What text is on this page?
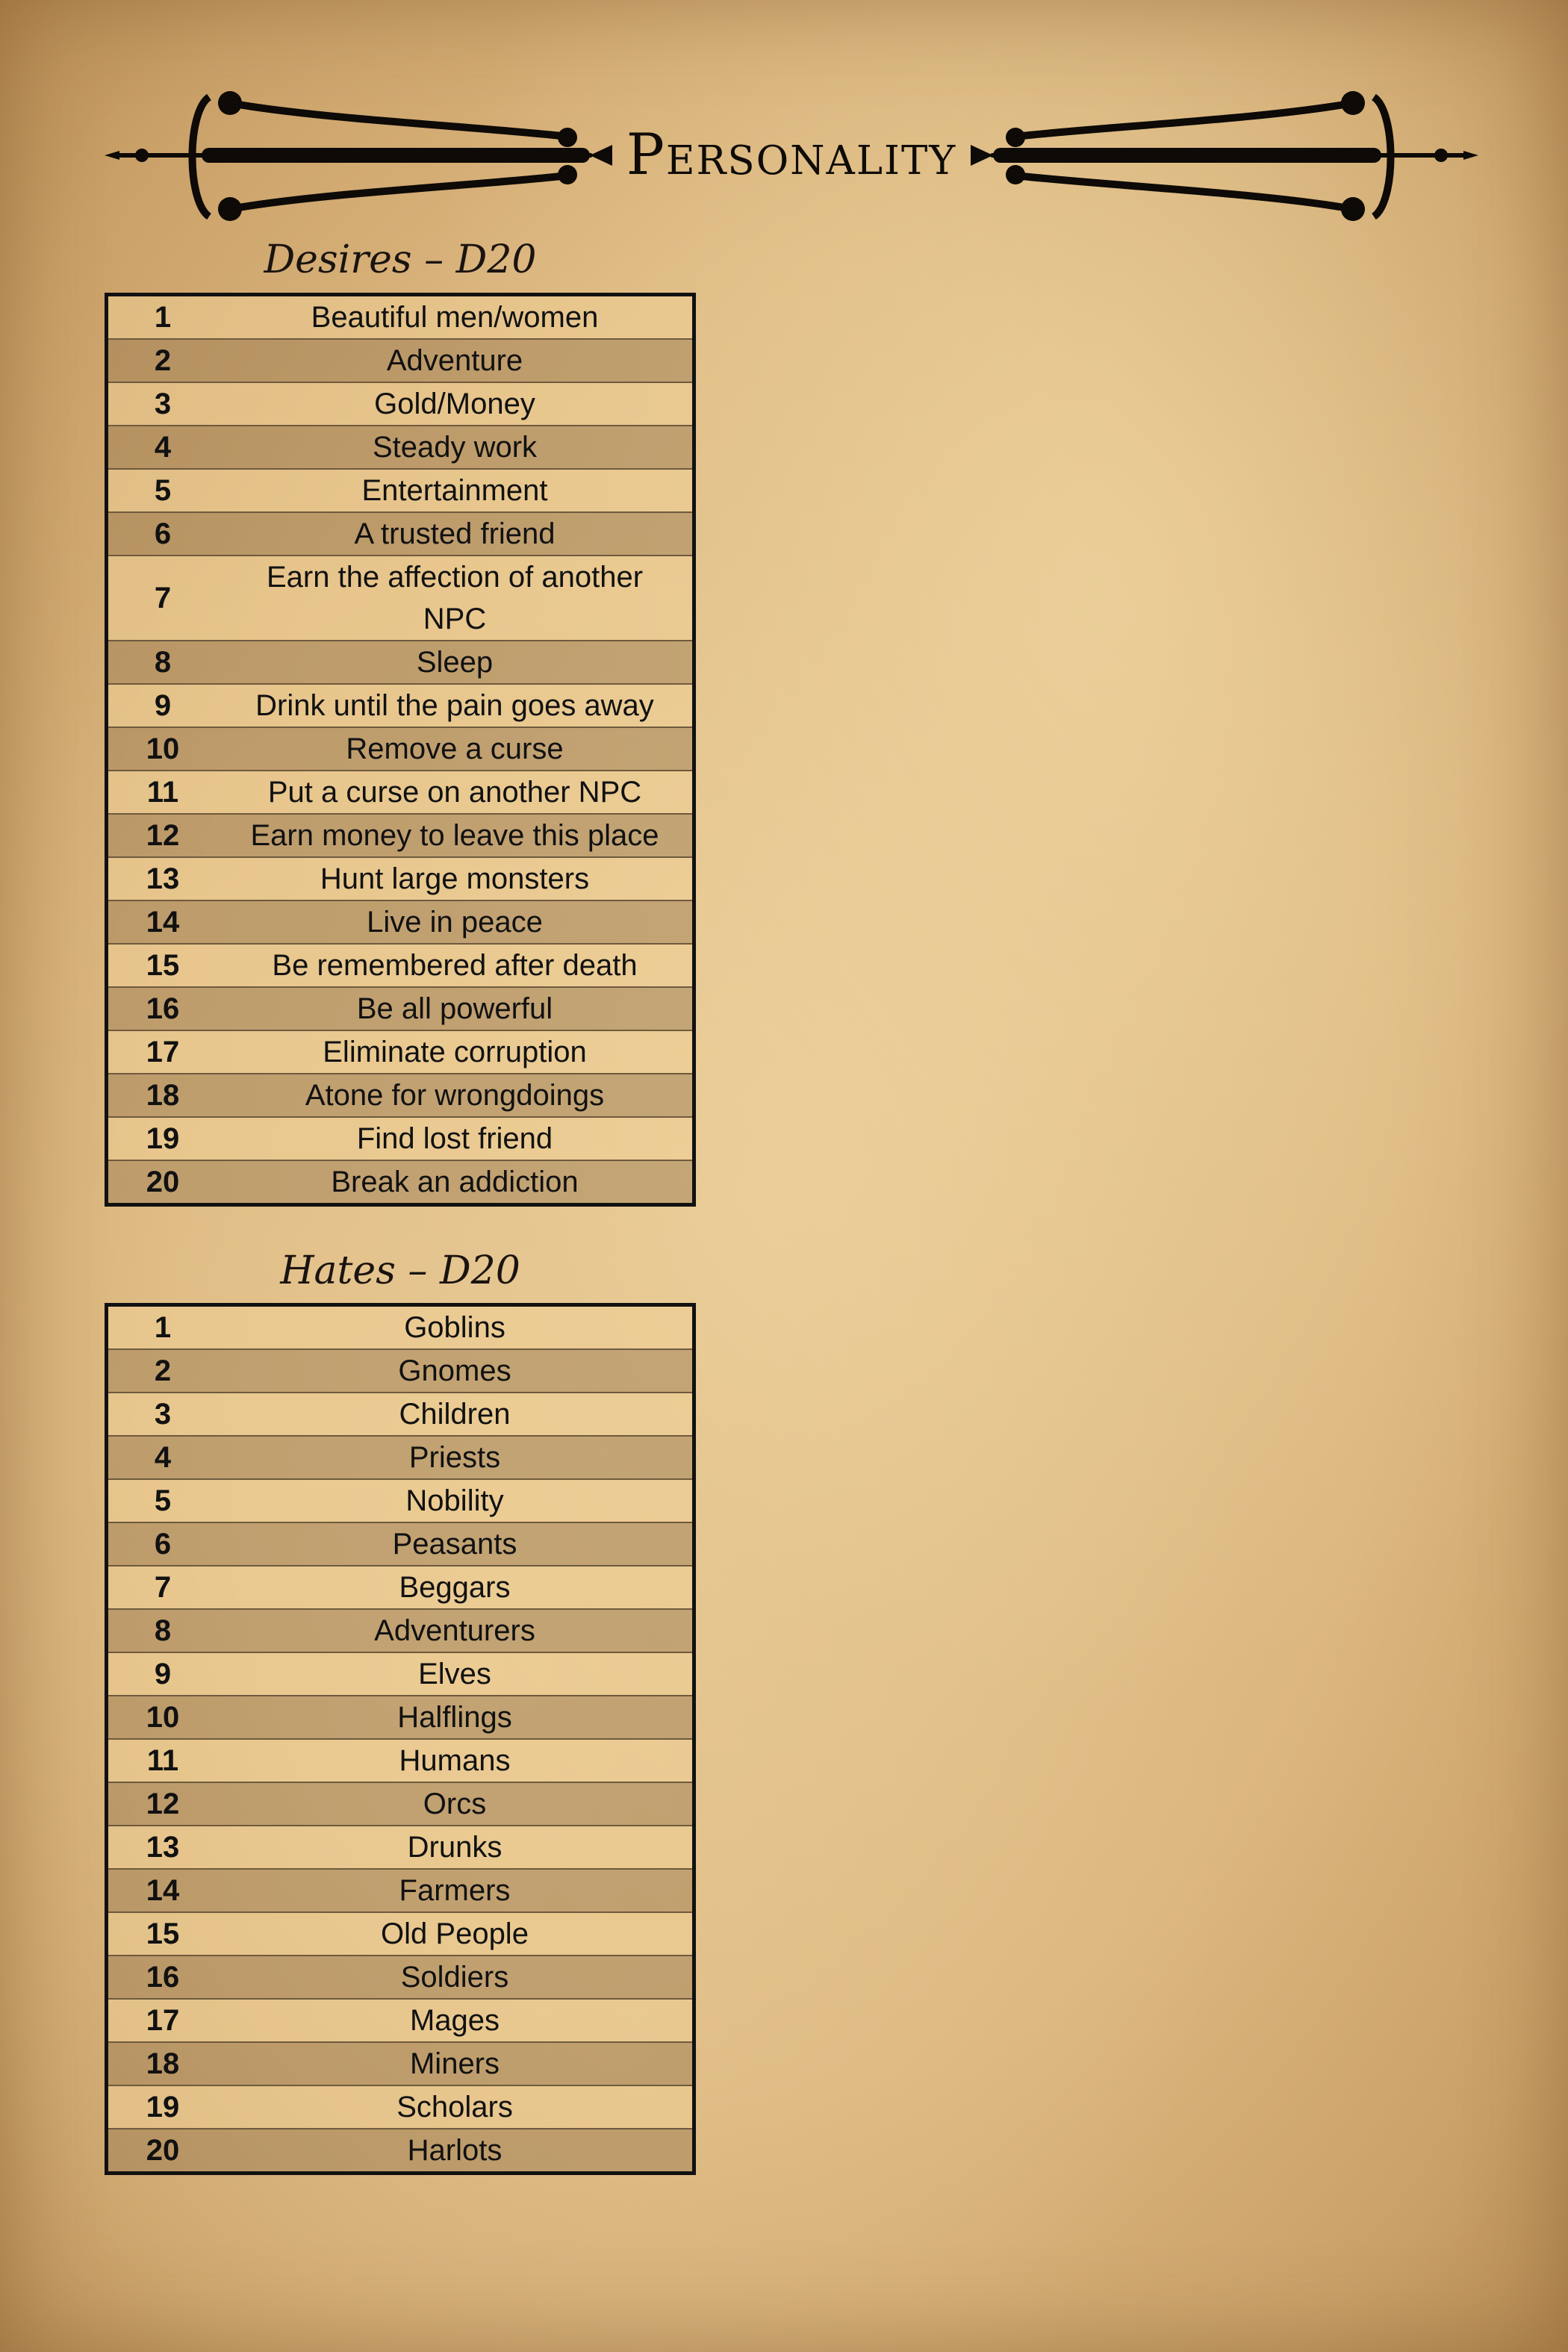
Personality
Desires – D20
1	Beautiful men/women
2	Adventure
3	Gold/Money
4	Steady work
5	Entertainment
6	A trusted friend
7	Earn the affection of another NPC
8	Sleep
9	Drink until the pain goes away
10	Remove a curse
11	Put a curse on another NPC
12	Earn money to leave this place
13	Hunt large monsters
14	Live in peace
15	Be remembered after death
16	Be all powerful
17	Eliminate corruption
18	Atone for wrongdoings
19	Find lost friend
20	Break an addiction
Hates – D20
1	Goblins
2	Gnomes
3	Children
4	Priests
5	Nobility
6	Peasants
7	Beggars
8	Adventurers
9	Elves
10	Halflings
11	Humans
12	Orcs
13	Drunks
14	Farmers
15	Old People
16	Soldiers
17	Mages
18	Miners
19	Scholars
20	Harlots
